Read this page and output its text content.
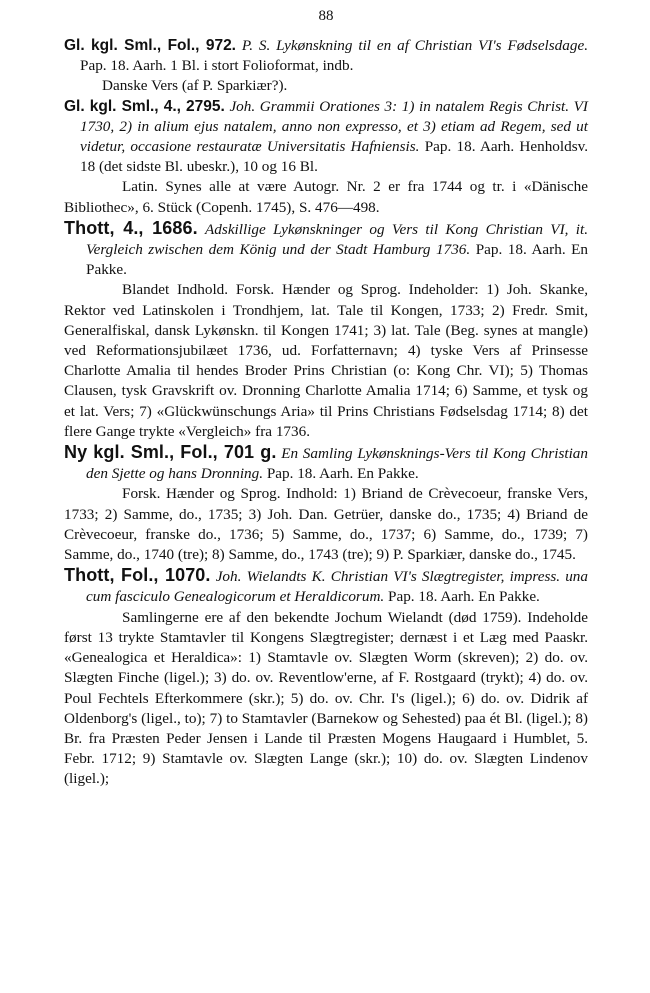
88

Gl. kgl. Sml., Fol., 972. P. S. Lykønskning til en af Christian VI's Fødselsdage. Pap. 18. Aarh. 1 Bl. i stort Folioformat, indb.

Danske Vers (af P. Sparkiær?).

Gl. kgl. Sml., 4., 2795. Joh. Grammii Orationes 3: 1) in natalem Regis Christ. VI 1730, 2) in alium ejus natalem, anno non expresso, et 3) etiam ad Regem, sed ut videtur, occasione restauratæ Universitatis Hafniensis. Pap. 18. Aarh. Henholdsv. 18 (det sidste Bl. ubeskr.), 10 og 16 Bl.

Latin. Synes alle at være Autogr. Nr. 2 er fra 1744 og tr. i «Dänische Bibliothec», 6. Stück (Copenh. 1745), S. 476—498.

Thott, 4., 1686. Adskillige Lykønskninger og Vers til Kong Christian VI, it. Vergleich zwischen dem König und der Stadt Hamburg 1736. Pap. 18. Aarh. En Pakke.

Blandet Indhold. Forsk. Hænder og Sprog. Indeholder: 1) Joh. Skanke, Rektor ved Latinskolen i Trondhjem, lat. Tale til Kongen, 1733; 2) Fredr. Smit, Generalfiskal, dansk Lykønskn. til Kongen 1741; 3) lat. Tale (Beg. synes at mangle) ved Reformationsjubilæet 1736, ud. Forfatternavn; 4) tyske Vers af Prinsesse Charlotte Amalia til hendes Broder Prins Christian (o: Kong Chr. VI); 5) Thomas Clausen, tysk Gravskrift ov. Dronning Charlotte Amalia 1714; 6) Samme, et tysk og et lat. Vers; 7) «Glückwünschungs Aria» til Prins Christians Fødselsdag 1714; 8) det flere Gange trykte «Vergleich» fra 1736.

Ny kgl. Sml., Fol., 701 g. En Samling Lykønsknings-Vers til Kong Christian den Sjette og hans Dronning. Pap. 18. Aarh. En Pakke.

Forsk. Hænder og Sprog. Indhold: 1) Briand de Crèvecoeur, franske Vers, 1733; 2) Samme, do., 1735; 3) Joh. Dan. Getrüer, danske do., 1735; 4) Briand de Crèvecoeur, franske do., 1736; 5) Samme, do., 1737; 6) Samme, do., 1739; 7) Samme, do., 1740 (tre); 8) Samme, do., 1743 (tre); 9) P. Sparkiær, danske do., 1745.

Thott, Fol., 1070. Joh. Wielandts K. Christian VI's Slægtregister, impress. una cum fasciculo Genealogicorum et Heraldicorum. Pap. 18. Aarh. En Pakke.

Samlingerne ere af den bekendte Jochum Wielandt (død 1759). Indeholde først 13 trykte Stamtavler til Kongens Slægtregister; dernæst i et Læg med Paaskr. «Genealogica et Heraldica»: 1) Stamtavle ov. Slægten Worm (skreven); 2) do. ov. Slægten Finche (ligel.); 3) do. ov. Reventlow'erne, af F. Rostgaard (trykt); 4) do. ov. Poul Fechtels Efterkommere (skr.); 5) do. ov. Chr. I's (ligel.); 6) do. ov. Didrik af Oldenborg's (ligel., to); 7) to Stamtavler (Barnekow og Sehested) paa ét Bl. (ligel.); 8) Br. fra Præsten Peder Jensen i Lande til Præsten Mogens Haugaard i Humblet, 5. Febr. 1712; 9) Stamtavle ov. Slægten Lange (skr.); 10) do. ov. Slægten Lindenov (ligel.);
